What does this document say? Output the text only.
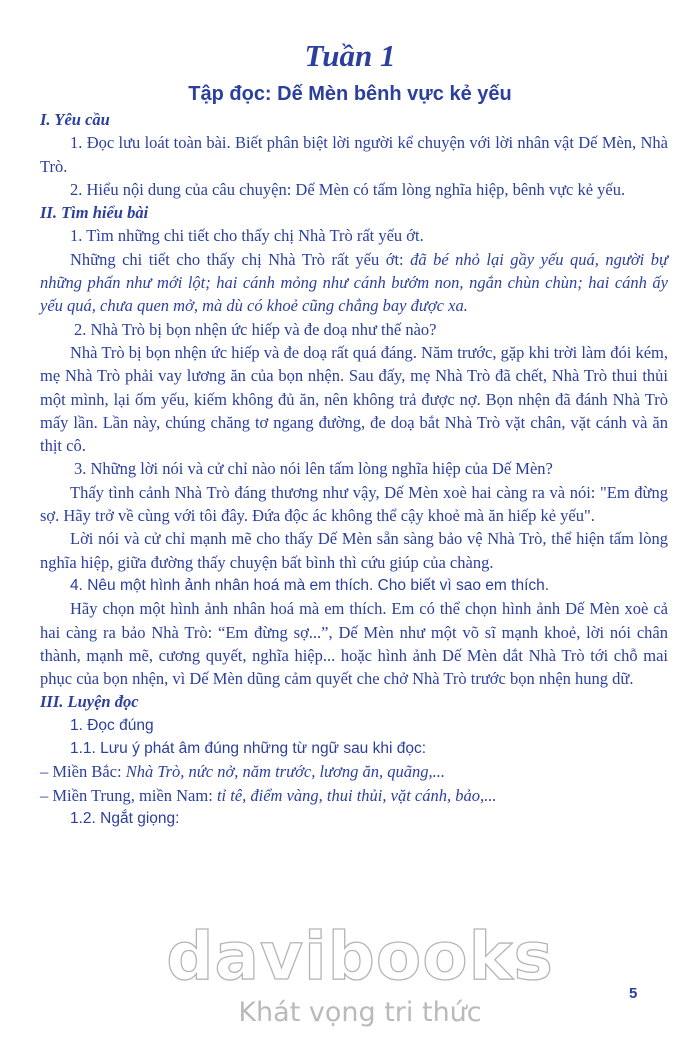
Tuần 1
Tập đọc: Dế Mèn bênh vực kẻ yếu

I. Yêu cầu

1. Đọc lưu loát toàn bài. Biết phân biệt lời người kể chuyện với lời nhân vật Dế Mèn, Nhà Trò.

2. Hiểu nội dung của câu chuyện: Dế Mèn có tấm lòng nghĩa hiệp, bênh vực kẻ yếu.

II. Tìm hiểu bài

1. Tìm những chi tiết cho thấy chị Nhà Trò rất yếu ớt.

Những chi tiết cho thấy chị Nhà Trò rất yếu ớt: đã bé nhỏ lại gầy yếu quá, người bự những phấn như mới lột; hai cánh mỏng như cánh bướm non, ngắn chùn chùn; hai cánh ấy yếu quá, chưa quen mở, mà dù có khoẻ cũng chẳng bay được xa.

2. Nhà Trò bị bọn nhện ức hiếp và đe doạ như thế nào?

Nhà Trò bị bọn nhện ức hiếp và đe doạ rất quá đáng. Năm trước, gặp khi trời làm đói kém, mẹ Nhà Trò phải vay lương ăn của bọn nhện. Sau đấy, mẹ Nhà Trò đã chết, Nhà Trò thui thủi một mình, lại ốm yếu, kiếm không đủ ăn, nên không trả được nợ. Bọn nhện đã đánh Nhà Trò mấy lần. Lần này, chúng chăng tơ ngang đường, đe doạ bắt Nhà Trò vặt chân, vặt cánh và ăn thịt cô.

3. Những lời nói và cử chỉ nào nói lên tấm lòng nghĩa hiệp của Dế Mèn?

Thấy tình cảnh Nhà Trò đáng thương như vậy, Dế Mèn xoè hai càng ra và nói: "Em đừng sợ. Hãy trở về cùng với tôi đây. Đứa độc ác không thể cậy khoẻ mà ăn hiếp kẻ yếu".

Lời nói và cử chỉ mạnh mẽ cho thấy Dế Mèn sẵn sàng bảo vệ Nhà Trò, thể hiện tấm lòng nghĩa hiệp, giữa đường thấy chuyện bất bình thì cứu giúp của chàng.

4. Nêu một hình ảnh nhân hoá mà em thích. Cho biết vì sao em thích.

Hãy chọn một hình ảnh nhân hoá mà em thích. Em có thể chọn hình ảnh Dế Mèn xoè cả hai càng ra bảo Nhà Trò: “Em đừng sợ...”, Dế Mèn như một võ sĩ mạnh khoẻ, lời nói chân thành, mạnh mẽ, cương quyết, nghĩa hiệp... hoặc hình ảnh Dế Mèn dắt Nhà Trò tới chỗ mai phục của bọn nhện, vì Dế Mèn dũng cảm quyết che chở Nhà Trò trước bọn nhện hung dữ.

III. Luyện đọc

1. Đọc đúng

1.1. Lưu ý phát âm đúng những từ ngữ sau khi đọc:

– Miền Bắc: Nhà Trò, nức nở, năm trước, lương ăn, quãng,...

– Miền Trung, miền Nam: tỉ tê, điểm vàng, thui thủi, vặt cánh, bảo,...

1.2. Ngắt giọng:

5
davibooks
Khát vọng tri thức
